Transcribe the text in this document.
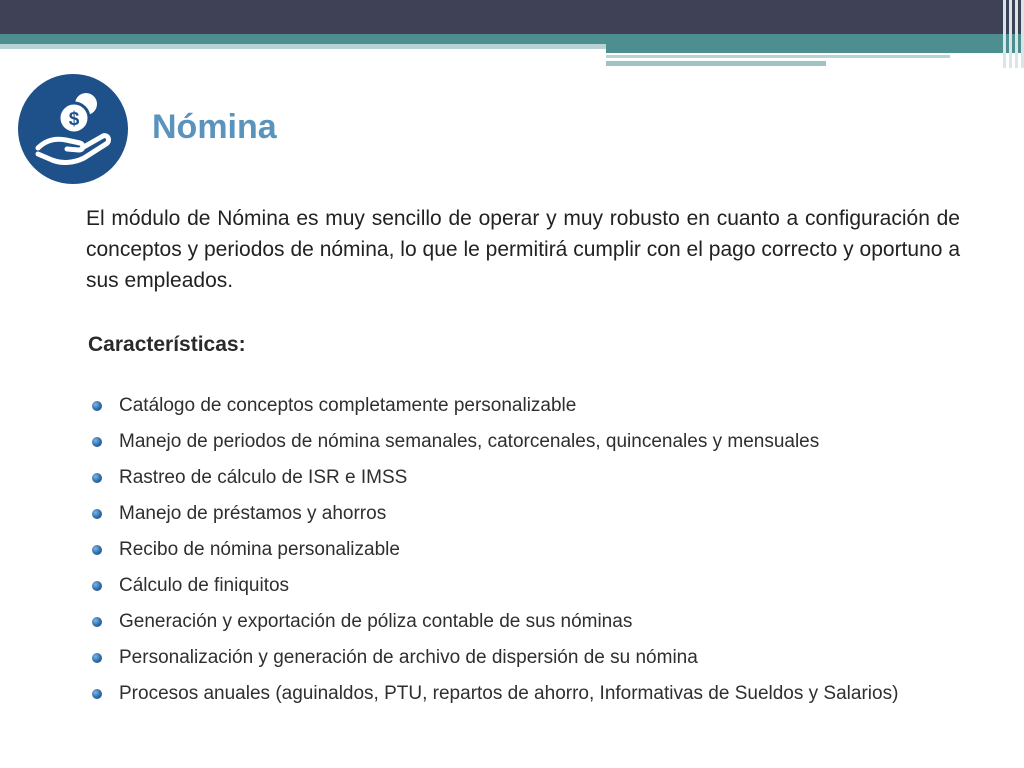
$ Nómina
El módulo de Nómina es muy sencillo de operar y muy robusto en cuanto a configuración de conceptos y periodos de nómina, lo que le permitirá cumplir con el pago correcto y oportuno a sus empleados.
Características:
Catálogo de conceptos completamente personalizable
Manejo de periodos de nómina semanales, catorcenales, quincenales y mensuales
Rastreo de cálculo de ISR e IMSS
Manejo de préstamos y ahorros
Recibo de nómina personalizable
Cálculo de finiquitos
Generación y exportación de póliza contable de sus nóminas
Personalización y generación de archivo de dispersión de su nómina
Procesos anuales (aguinaldos, PTU, repartos de ahorro, Informativas de Sueldos y Salarios)
